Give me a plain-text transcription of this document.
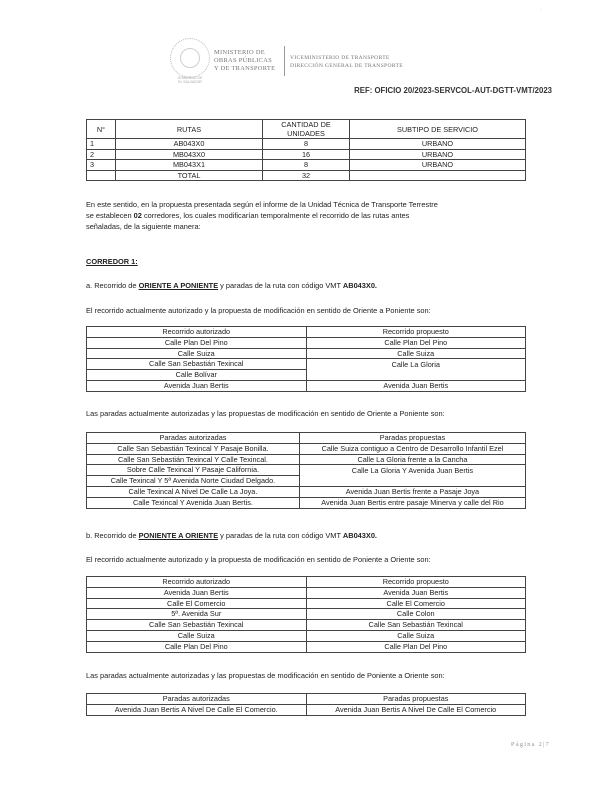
·
GOBIERNO DE
EL SALVADOR
MINISTERIO DE
OBRAS PÚBLICAS
Y DE TRANSPORTE
VICEMINISTERIO DE TRANSPORTE
DIRECCIÓN GENERAL DE TRANSPORTE
REF: OFICIO 20/2023-SERVCOL-AUT-DGTT-VMT/2023
N°	RUTAS	CANTIDAD DE UNIDADES	SUBTIPO DE SERVICIO
1	AB043X0	8	URBANO
2	MB043X0	16	URBANO
3	MB043X1	8	URBANO
	TOTAL	32	
En este sentido, en la propuesta presentada según el informe de la Unidad Técnica de Transporte Terrestre
se establecen 02 corredores, los cuales modificarían temporalmente el recorrido de las rutas antes
señaladas, de la siguiente manera:
CORREDOR 1:
a. Recorrido de ORIENTE A PONIENTE y paradas de la ruta con código VMT AB043X0.
El recorrido actualmente autorizado y la propuesta de modificación en sentido de Oriente a Poniente son:
Recorrido autorizado	Recorrido propuesto
Calle Plan Del Pino	Calle Plan Del Pino
Calle Suiza	Calle Suiza
Calle San Sebastián Texincal	Calle La Gloria
Calle Bolívar	
Avenida Juan Bertis	Avenida Juan Bertis
Las paradas actualmente autorizadas y las propuestas de modificación en sentido de Oriente a Poniente son:
Paradas autorizadas	Paradas propuestas
Calle San Sebastián Texincal Y Pasaje Bonilla.	Calle Suiza contiguo a Centro de Desarrollo Infantil Ezel
Calle San Sebastián Texincal Y Calle Texincal.	Calle La Gloria frente a la Cancha
Sobre Calle Texincal Y Pasaje California.	Calle La Gloria Y Avenida Juan Bertis
Calle Texincal Y 5ª Avenida Norte Ciudad Delgado.	
Calle Texincal A Nivel De Calle La Joya.	Avenida Juan Bertis frente a Pasaje Joya
Calle Texincal Y Avenida Juan Bertis.	Avenida Juan Bertis entre pasaje Minerva y calle del Rio
b. Recorrido de PONIENTE A ORIENTE y paradas de la ruta con código VMT AB043X0.
El recorrido actualmente autorizado y la propuesta de modificación en sentido de Poniente a Oriente son:
Recorrido autorizado	Recorrido propuesto
Avenida Juan Bertis	Avenida Juan Bertis
Calle El Comercio	Calle El Comercio
5ª. Avenida Sur	Calle Colon
Calle San Sebastián Texincal	Calle San Sebastián Texincal
Calle Suiza	Calle Suiza
Calle Plan Del Pino	Calle Plan Del Pino
Las paradas actualmente autorizadas y las propuestas de modificación en sentido de Poniente a Oriente son:
Paradas autorizadas	Paradas propuestas
Avenida Juan Bertis A Nivel De Calle El Comercio.	Avenida Juan Bertis A Nivel De Calle El Comercio
Página 2|7
